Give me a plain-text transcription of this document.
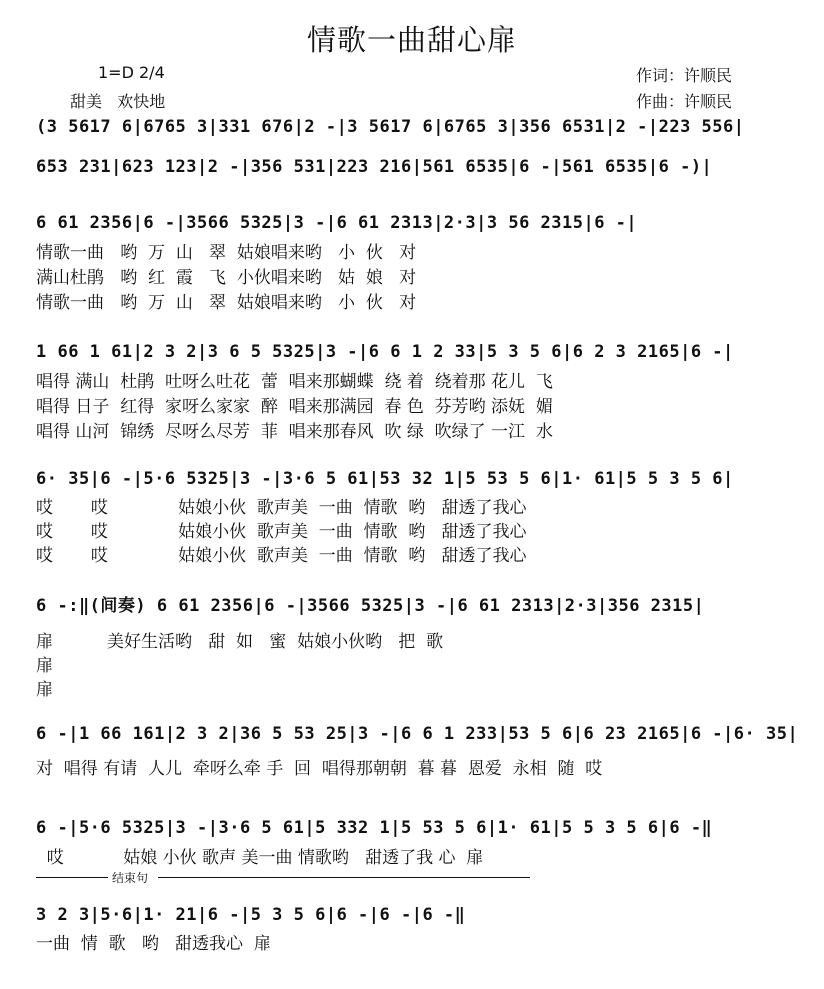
情歌一曲甜心扉
1=D 2/4
甜美   欢快地
作词：许顺民
作曲：许顺民
(3 5617 6|6765 3|331 676|2 -|3 5617 6|6765 3|356 6531|2 -|223 556|
653 231|623 123|2 -|356 531|223 216|561 6535|6 -|561 6535|6 -)|
6 61 2356|6 -|3566 5325|3 -|6 61 2313|2·3|3 56 2315|6 -|
情歌一曲   哟  万  山   翠  姑娘唱来哟   小  伙   对
满山杜鹃   哟  红  霞   飞  小伙唱来哟   姑  娘   对
情歌一曲   哟  万  山   翠  姑娘唱来哟   小  伙   对
1 66 1 61|2 3 2|3 6 5 5325|3 -|6 6 1 2 33|5 3 5 6|6 2 3 2165|6 -|
唱得 满山  杜鹃  吐呀么吐花  蕾  唱来那蝴蝶  绕 着  绕着那 花儿  飞
唱得 日子  红得  家呀么家家  醉  唱来那满园  春 色  芬芳哟 添妩  媚
唱得 山河  锦绣  尽呀么尽芳  菲  唱来那春风  吹 绿  吹绿了 一江  水
6· 35|6 -|5·6 5325|3 -|3·6 5 61|53 32 1|5 53 5 6|1· 61|5 5 3 5 6|
哎       哎             姑娘小伙  歌声美  一曲  情歌  哟   甜透了我心
哎       哎             姑娘小伙  歌声美  一曲  情歌  哟   甜透了我心
哎       哎             姑娘小伙  歌声美  一曲  情歌  哟   甜透了我心
6 -:‖(间奏) 6 61 2356|6 -|3566 5325|3 -|6 61 2313|2·3|356 2315|
扉          美好生活哟   甜  如   蜜  姑娘小伙哟   把  歌
扉
扉
6 -|1 66 161|2 3 2|36 5 53 25|3 -|6 6 1 233|53 5 6|6 23 2165|6 -|6· 35|
对  唱得 有请  人儿  牵呀么牵 手  回  唱得那朝朝  暮 暮  恩爱  永相  随  哎
6 -|5·6 5325|3 -|3·6 5 61|5 332 1|5 53 5 6|1· 61|5 5 3 5 6|6 -‖
哎           姑娘 小伙 歌声 美一曲 情歌哟   甜透了我 心  扉
结束句
3 2 3|5·6|1· 21|6 -|5 3 5 6|6 -|6 -|6 -‖
一曲  情  歌   哟   甜透我心  扉
